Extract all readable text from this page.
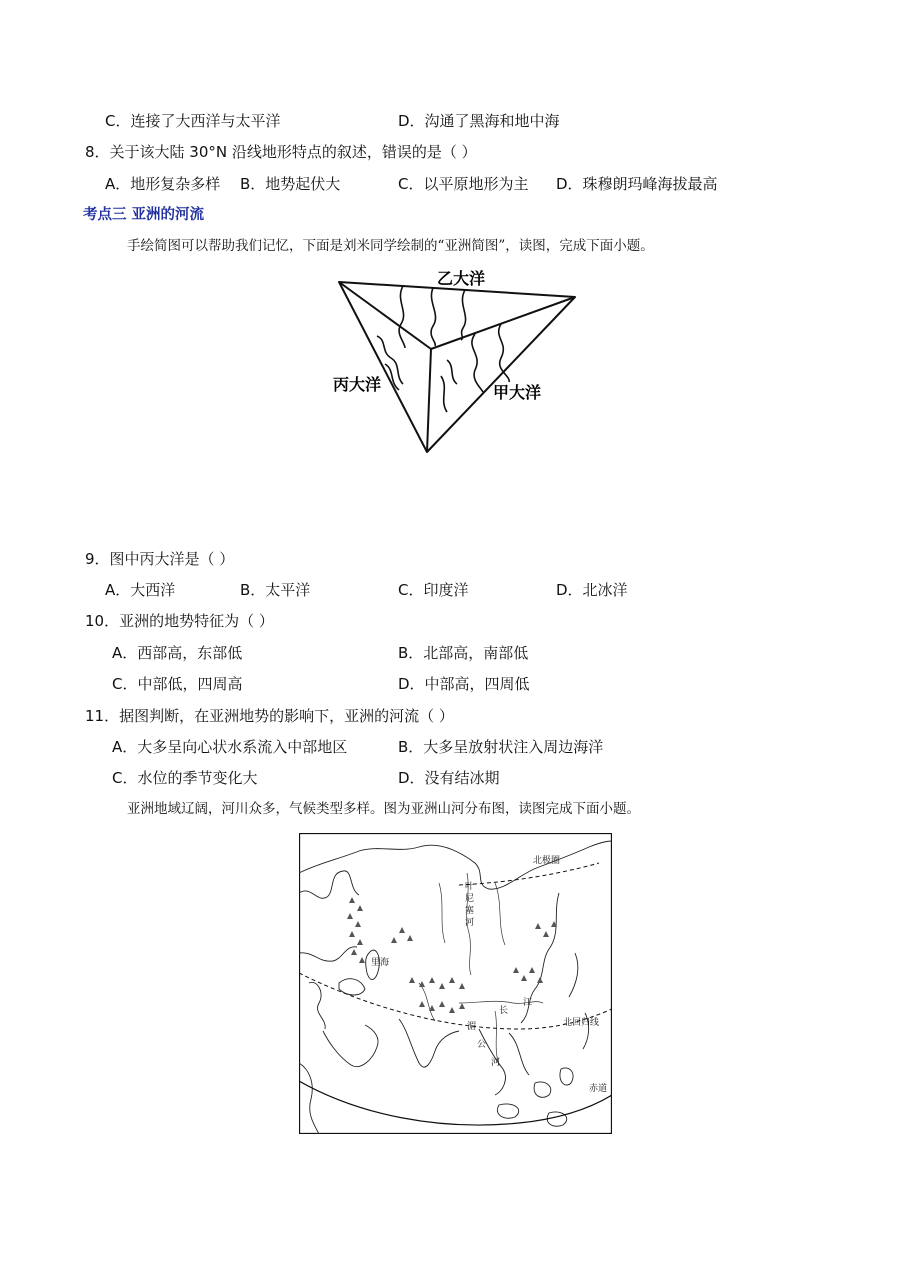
C．连接了大西洋与太平洋	D．沟通了黑海和地中海
8．关于该大陆 30°N 沿线地形特点的叙述，错误的是（ ）
A．地形复杂多样 B．地势起伏大	C．以平原地形为主 D．珠穆朗玛峰海拔最高
考点三 亚洲的河流
手绘简图可以帮助我们记忆，下面是刘米同学绘制的“亚洲简图”，读图，完成下面小题。
乙大洋
丙大洋	甲大洋
9．图中丙大洋是（ ）
A．大西洋	B．太平洋	C．印度洋	D．北冰洋
10．亚洲的地势特征为（ ）
A．西部高，东部低	B．北部高，南部低
C．中部低，四周高	D．中部高，四周低
11．据图判断，在亚洲地势的影响下，亚洲的河流（ ）
A．大多呈向心状水系流入中部地区	B．大多呈放射状注入周边海洋
C．水位的季节变化大	D．没有结冰期
亚洲地域辽阔，河川众多，气候类型多样。图为亚洲山河分布图，读图完成下面小题。
北极圈
叶
尼
塞
河
里海
长
江
北回归线
湄
公
河
赤道
